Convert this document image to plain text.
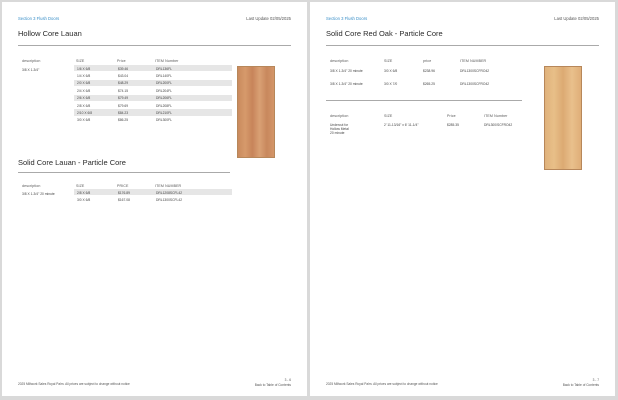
Section 3 Flush Doors	Last Update 02/05/2025
Hollow Core Lauan
description	SIZE	Price	ITEM Number
3/8 X 1-3/4"	1/6 X 6/8	$39.46	DRL136FL
1/4 X 6/8	$43.04	DRL140FL
2/0 X 6/8	$48.29	DRL200FL
2/4 X 6/8	$74.15	DRL204FL
2/6 X 6/8	$79.49	DRL206FL
2/8 X 6/8	$79.69	DRL208FL
2/10 X 6/8	$84.23	DRL210FL
3/0 X 6/8	$86.25	DRL300FL
Solid Core Lauan - Particle Core
description	SIZE	PRICE	ITEM NUMBER
3/8 X 1-3/4" 20 minute	2/8 X 6/8	$176.89	DRL1208SCFL42
3/0 X 6/8	$167.08	DRL1300SCFL42
2025 Millwork Sales Royal Palm. All prices are subject to change without notice
3 - 6
Back to Table of Contents
Section 3 Flush Doors	Last Update 02/05/2025
Solid Core Red Oak - Particle Core
description	SIZE	price	ITEM NUMBER
3/8 X 1-3/4" 20 minute	3/0 X 6/8	$238.96	DRL1300SCFRO42
3/8 X 1-3/4" 20 minute	3/0 X 7/0	$265.25	DRL1300SCFRO42
description	SIZE	Price	ITEM Number
Undercut for
Hollow Metal
20 minute
2' 11-13/16" x 6' 11-1/4"	$285.35	DRL300/SCFRO42
2025 Millwork Sales Royal Palm. All prices are subject to change without notice
3 - 7
Back to Table of Contents
